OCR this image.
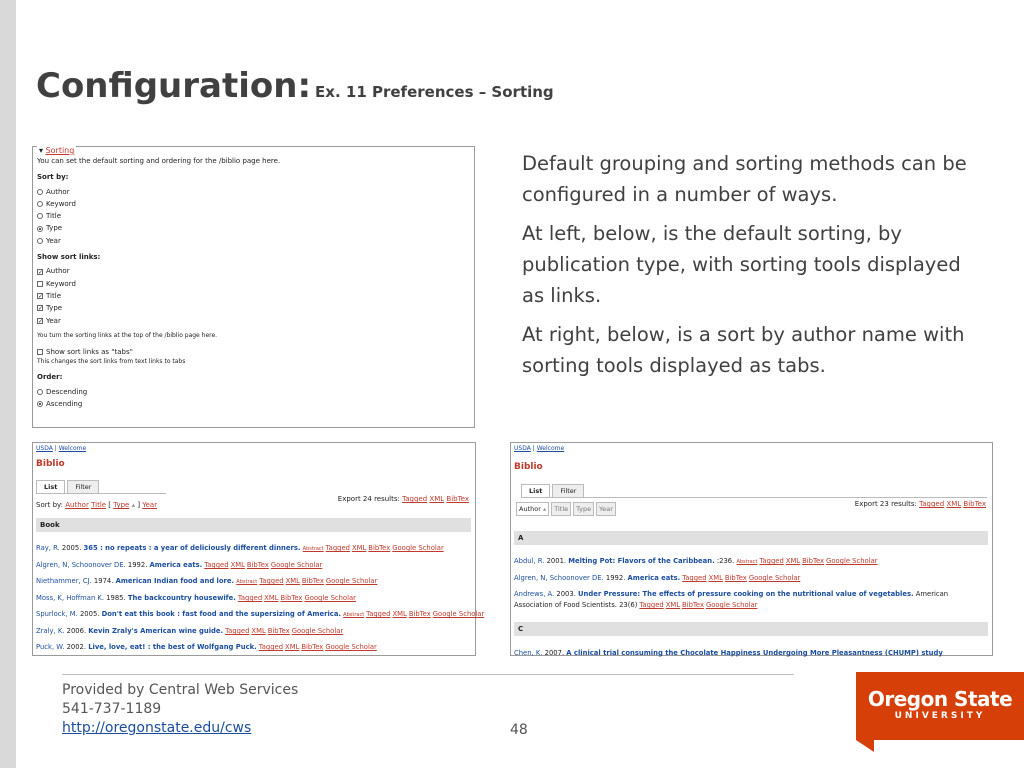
Configuration: Ex. 11 Preferences – Sorting
▾ Sorting
You can set the default sorting and ordering for the /biblio page here.
Sort by:
Author
Keyword
Title
Type
Year
Show sort links:
✓ Author
Keyword
✓ Title
✓ Type
✓ Year
You turn the sorting links at the top of the /biblio page here.
Show sort links as "tabs"
This changes the sort links from text links to tabs
Order:
Descending
Ascending

Default grouping and sorting methods can be configured in a number of ways.

At left, below, is the default sorting, by publication type, with sorting tools displayed as links.

At right, below, is a sort by author name with sorting tools displayed as tabs.

USDA | Welcome
Biblio
List	Filter
Export 24 results: Tagged XML BibTex
Sort by: Author Title [ Type ▴ ] Year
Book
Ray, R. 2005. 365 : no repeats : a year of deliciously different dinners. Abstract Tagged XML BibTex Google Scholar
Algren, N, Schoonover DE. 1992. America eats. Tagged XML BibTex Google Scholar
Niethammer, CJ. 1974. American Indian food and lore. Abstract Tagged XML BibTex Google Scholar
Moss, K, Hoffman K. 1985. The backcountry housewife. Tagged XML BibTex Google Scholar
Spurlock, M. 2005. Don't eat this book : fast food and the supersizing of America. Abstract Tagged XML BibTex Google Scholar
Zraly, K. 2006. Kevin Zraly's American wine guide. Tagged XML BibTex Google Scholar
Puck, W. 2002. Live, love, eat! : the best of Wolfgang Puck. Tagged XML BibTex Google Scholar
USDA | Welcome
Biblio
List	Filter
Export 23 results: Tagged XML BibTex
Author ▴	Title	Type	Year
A
Abdul, R. 2001. Melting Pot: Flavors of the Caribbean. :236. Abstract Tagged XML BibTex Google Scholar
Algren, N, Schoonover DE. 1992. America eats. Tagged XML BibTex Google Scholar
Andrews, A. 2003. Under Pressure: The effects of pressure cooking on the nutritional value of vegetables. American Association of Food Scientists. 23(6) Tagged XML BibTex Google Scholar
C
Chen, K. 2007. A clinical trial consuming the Chocolate Happiness Undergoing More Pleasantness (CHUMP) study
Provided by Central Web Services
541-737-1189
http://oregonstate.edu/cws	48
Oregon State
UNIVERSITY
